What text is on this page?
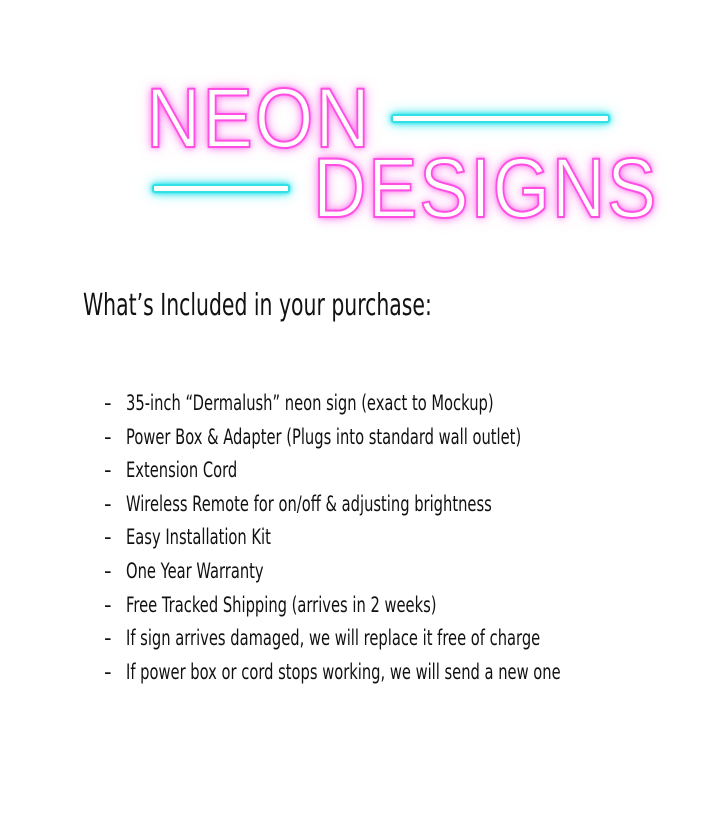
NEON
DESIGNS
What’s Included in your purchase:
- 35-inch “Dermalush” neon sign (exact to Mockup)
- Power Box & Adapter (Plugs into standard wall outlet)
- Extension Cord
- Wireless Remote for on/off & adjusting brightness
- Easy Installation Kit
- One Year Warranty
- Free Tracked Shipping (arrives in 2 weeks)
- If sign arrives damaged, we will replace it free of charge
- If power box or cord stops working, we will send a new one
